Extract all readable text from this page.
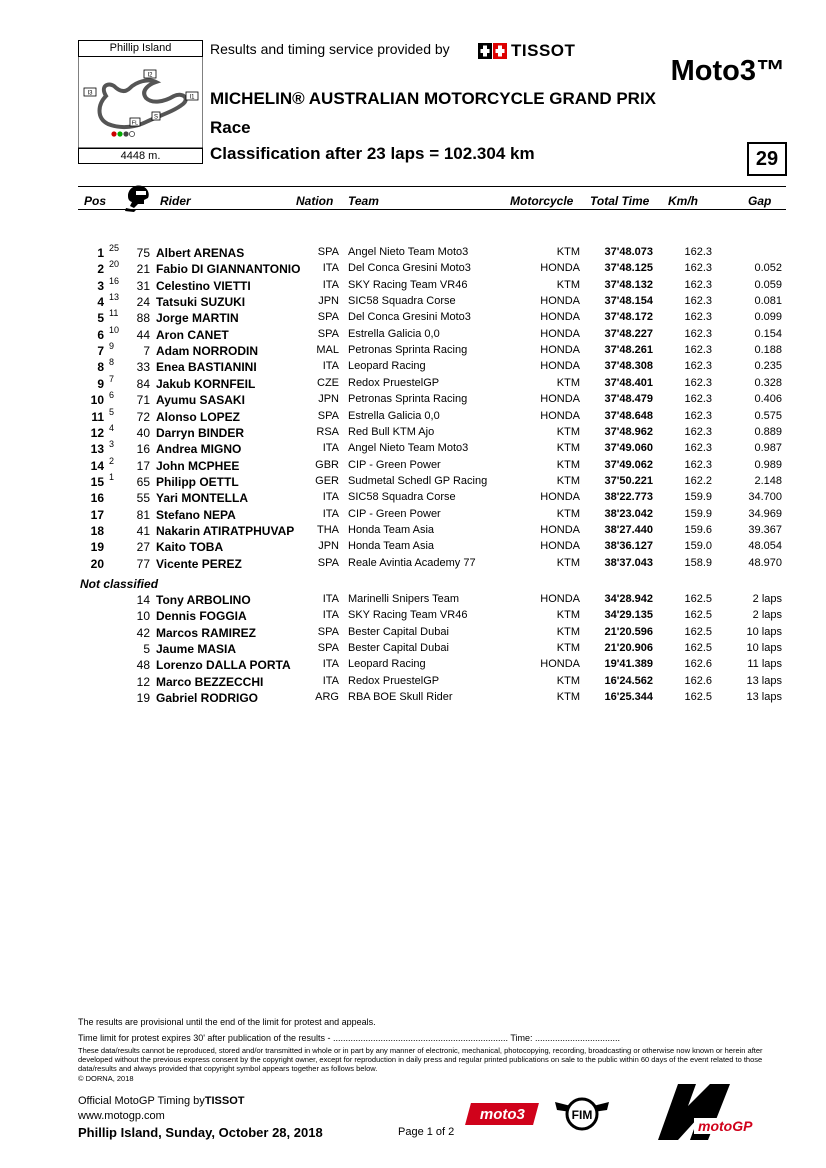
Phillip Island
I2
I3
I1
FL
S
4448 m.
Results and timing service provided by	TISSOT
Moto3™
MICHELIN® AUSTRALIAN MOTORCYCLE GRAND PRIX
Race
Classification after 23 laps = 102.304 km	29
Pos	Rider	Nation Team	Motorcycle Total Time Km/h	Gap
1 25	75 Albert ARENAS	SPA Angel Nieto Team Moto3	KTM	37'48.073	162.3
2 20	21 Fabio DI GIANNANTONIO	ITA Del Conca Gresini Moto3	HONDA	37'48.125	162.3	0.052
3 16	31 Celestino VIETTI	ITA SKY Racing Team VR46	KTM	37'48.132	162.3	0.059
4 13	24 Tatsuki SUZUKI	JPN SIC58 Squadra Corse	HONDA	37'48.154	162.3	0.081
5 11	88 Jorge MARTIN	SPA Del Conca Gresini Moto3	HONDA	37'48.172	162.3	0.099
6 10	44 Aron CANET	SPA Estrella Galicia 0,0	HONDA	37'48.227	162.3	0.154
7 9	7 Adam NORRODIN	MAL Petronas Sprinta Racing	HONDA	37'48.261	162.3	0.188
8 8	33 Enea BASTIANINI	ITA Leopard Racing	HONDA	37'48.308	162.3	0.235
9 7	84 Jakub KORNFEIL	CZE Redox PruestelGP	KTM	37'48.401	162.3	0.328
10 6	71 Ayumu SASAKI	JPN Petronas Sprinta Racing	HONDA	37'48.479	162.3	0.406
11 5	72 Alonso LOPEZ	SPA Estrella Galicia 0,0	HONDA	37'48.648	162.3	0.575
12 4	40 Darryn BINDER	RSA Red Bull KTM Ajo	KTM	37'48.962	162.3	0.889
13 3	16 Andrea MIGNO	ITA Angel Nieto Team Moto3	KTM	37'49.060	162.3	0.987
14 2	17 John MCPHEE	GBR CIP - Green Power	KTM	37'49.062	162.3	0.989
15 1	65 Philipp OETTL	GER Sudmetal Schedl GP Racing	KTM	37'50.221	162.2	2.148
16	55 Yari MONTELLA	ITA SIC58 Squadra Corse	HONDA	38'22.773	159.9	34.700
17	81 Stefano NEPA	ITA CIP - Green Power	KTM	38'23.042	159.9	34.969
18	41 Nakarin ATIRATPHUVAP	THA Honda Team Asia	HONDA	38'27.440	159.6	39.367
19	27 Kaito TOBA	JPN Honda Team Asia	HONDA	38'36.127	159.0	48.054
20	77 Vicente PEREZ	SPA Reale Avintia Academy 77	KTM	38'37.043	158.9	48.970
14 Tony ARBOLINO	ITA Marinelli Snipers Team	HONDA	34'28.942	162.5	2 laps
10 Dennis FOGGIA	ITA SKY Racing Team VR46	KTM	34'29.135	162.5	2 laps
42 Marcos RAMIREZ	SPA Bester Capital Dubai	KTM	21'20.596	162.5	10 laps
5 Jaume MASIA	SPA Bester Capital Dubai	KTM	21'20.906	162.5	10 laps
48 Lorenzo DALLA PORTA	ITA Leopard Racing	HONDA	19'41.389	162.6	11 laps
12 Marco BEZZECCHI	ITA Redox PruestelGP	KTM	16'24.562	162.6	13 laps
19 Gabriel RODRIGO	ARG RBA BOE Skull Rider	KTM	16'25.344	162.5	13 laps
Not classified
The results are provisional until the end of the limit for protest and appeals.
Time limit for protest expires 30' after publication of the results - ...................................................................... Time: ..................................
These data/results cannot be reproduced, stored and/or transmitted in whole or in part by any manner of electronic, mechanical, photocopying, recording, broadcasting or otherwise now known or herein after developed without the previous express consent by the copyright owner, except for reproduction in daily press and regular printed publications on sale to the public within 60 days of the event related to those data/results and always provided that copyright symbol appears together as follows below.
© DORNA, 2018
Official MotoGP Timing byTISSOT
www.motogp.com
Phillip Island, Sunday, October 28, 2018	Page 1 of 2
moto3	FIM
motoGP
